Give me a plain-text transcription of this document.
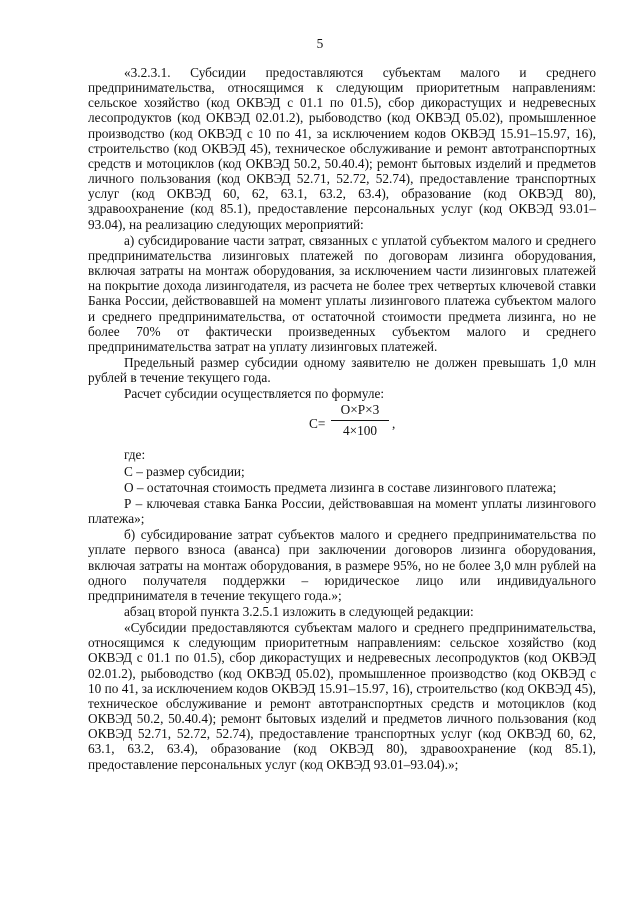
5

«3.2.3.1. Субсидии предоставляются субъектам малого и среднего предпринимательства, относящимся к следующим приоритетным направлениям: сельское хозяйство (код ОКВЭД с 01.1 по 01.5), сбор дикорастущих и недревесных лесопродуктов (код ОКВЭД 02.01.2), рыбоводство (код ОКВЭД 05.02), промышленное производство (код ОКВЭД с 10 по 41, за исключением кодов ОКВЭД 15.91–15.97, 16), строительство (код ОКВЭД 45), техническое обслуживание и ремонт автотранспортных средств и мотоциклов (код ОКВЭД 50.2, 50.40.4); ремонт бытовых изделий и предметов личного пользования (код ОКВЭД 52.71, 52.72, 52.74), предоставление транспортных услуг (код ОКВЭД 60, 62, 63.1, 63.2, 63.4), образование (код ОКВЭД 80), здравоохранение (код 85.1), предоставление персональных услуг (код ОКВЭД 93.01–93.04), на реализацию следующих мероприятий:

а) субсидирование части затрат, связанных с уплатой субъектом малого и среднего предпринимательства лизинговых платежей по договорам лизинга оборудования, включая затраты на монтаж оборудования, за исключением части лизинговых платежей на покрытие дохода лизингодателя, из расчета не более трех четвертых ключевой ставки Банка России, действовавшей на момент уплаты лизингового платежа субъектом малого и среднего предпринимательства, от остаточной стоимости предмета лизинга, но не более 70% от фактически произведенных субъектом малого и среднего предпринимательства затрат на уплату лизинговых платежей.

Предельный размер субсидии одному заявителю не должен превышать 1,0 млн рублей в течение текущего года.

Расчет субсидии осуществляется по формуле:

С=
О×Р×3
4×100	,

где:

С – размер субсидии;

О – остаточная стоимость предмета лизинга в составе лизингового платежа;

Р – ключевая ставка Банка России, действовавшая на момент уплаты лизингового платежа»;

б) субсидирование затрат субъектов малого и среднего предпринимательства по уплате первого взноса (аванса) при заключении договоров лизинга оборудования, включая затраты на монтаж оборудования, в размере 95%, но не более 3,0 млн рублей на одного получателя поддержки – юридическое лицо или индивидуального предпринимателя в течение текущего года.»;

абзац второй пункта 3.2.5.1 изложить в следующей редакции:

«Субсидии предоставляются субъектам малого и среднего предпринимательства, относящимся к следующим приоритетным направлениям: сельское хозяйство (код ОКВЭД с 01.1 по 01.5), сбор дикорастущих и недревесных лесопродуктов (код ОКВЭД 02.01.2), рыбоводство (код ОКВЭД 05.02), промышленное производство (код ОКВЭД с 10 по 41, за исключением кодов ОКВЭД 15.91–15.97, 16), строительство (код ОКВЭД 45), техническое обслуживание и ремонт автотранспортных средств и мотоциклов (код ОКВЭД 50.2, 50.40.4); ремонт бытовых изделий и предметов личного пользования (код ОКВЭД 52.71, 52.72, 52.74), предоставление транспортных услуг (код ОКВЭД 60, 62, 63.1, 63.2, 63.4), образование (код ОКВЭД 80), здравоохранение (код 85.1), предоставление персональных услуг (код ОКВЭД 93.01–93.04).»;
